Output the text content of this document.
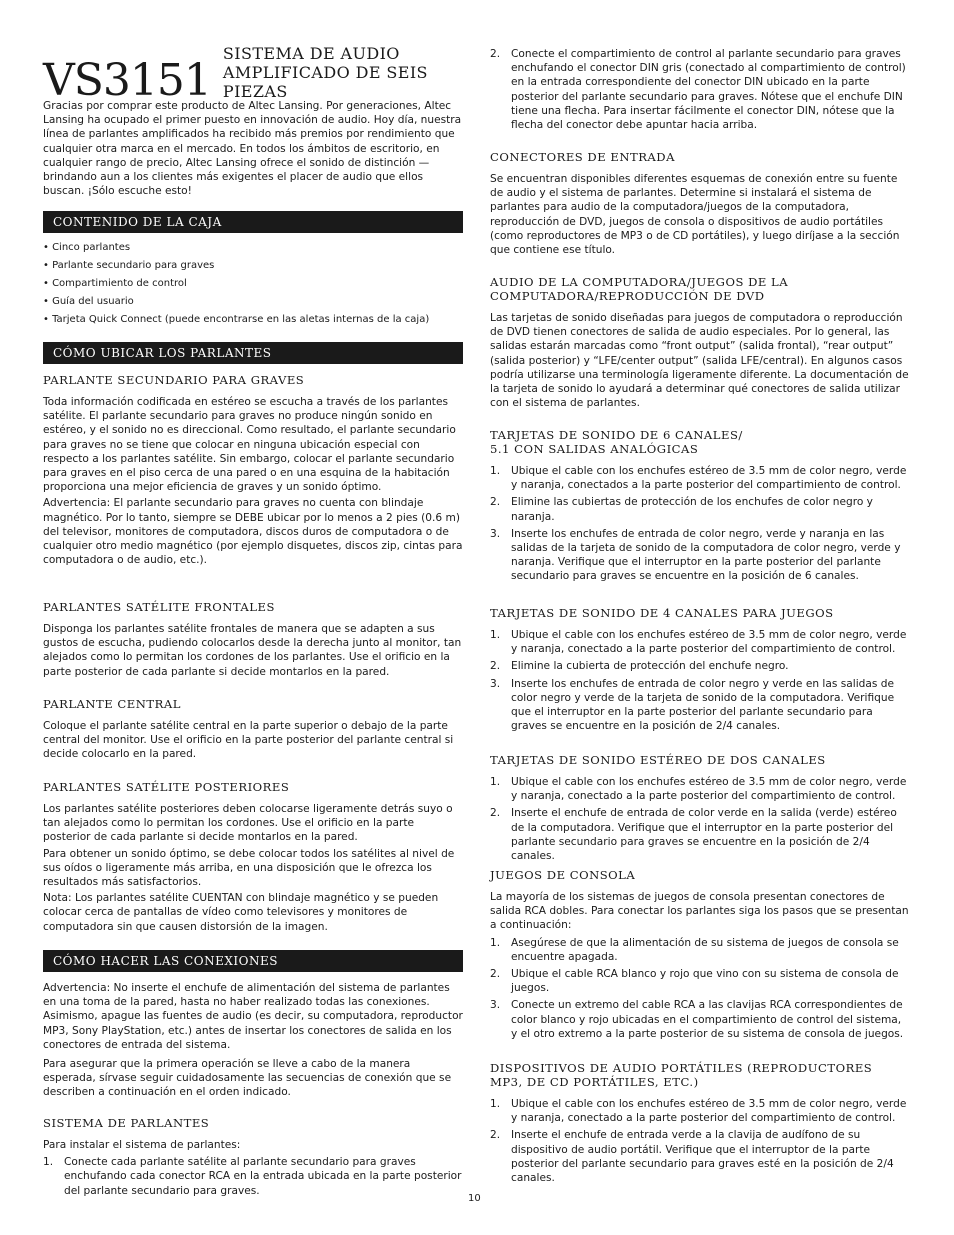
VS3151
SISTEMA DE AUDIO
AMPLIFICADO DE SEIS PIEZAS

Gracias por comprar este producto de Altec Lansing. Por generaciones, Altec Lansing ha ocupado el primer puesto en innovación de audio. Hoy día, nuestra línea de parlantes amplificados ha recibido más premios por rendimiento que cualquier otra marca en el mercado. En todos los ámbitos de escritorio, en cualquier rango de precio, Altec Lansing ofrece el sonido de distinción — brindando aun a los clientes más exigentes el placer de audio que ellos buscan. ¡Sólo escuche esto!

CONTENIDO DE LA CAJA
• Cinco parlantes
• Parlante secundario para graves
• Compartimiento de control
• Guía del usuario
• Tarjeta Quick Connect (puede encontrarse en las aletas internas de la caja)
CÓMO UBICAR LOS PARLANTES
PARLANTE SECUNDARIO PARA GRAVES

Toda información codificada en estéreo se escucha a través de los parlantes satélite. El parlante secundario para graves no produce ningún sonido en estéreo, y el sonido no es direccional. Como resultado, el parlante secundario para graves no se tiene que colocar en ninguna ubicación especial con respecto a los parlantes satélite. Sin embargo, colocar el parlante secundario para graves en el piso cerca de una pared o en una esquina de la habitación proporciona una mejor eficiencia de graves y un sonido óptimo.

Advertencia: El parlante secundario para graves no cuenta con blindaje magnético. Por lo tanto, siempre se DEBE ubicar por lo menos a 2 pies (0.6 m) del televisor, monitores de computadora, discos duros de computadora o de cualquier otro medio magnético (por ejemplo disquetes, discos zip, cintas para computadora o de audio, etc.).

PARLANTES SATÉLITE FRONTALES

Disponga los parlantes satélite frontales de manera que se adapten a sus gustos de escucha, pudiendo colocarlos desde la derecha junto al monitor, tan alejados como lo permitan los cordones de los parlantes. Use el orificio en la parte posterior de cada parlante si decide montarlos en la pared.

PARLANTE CENTRAL

Coloque el parlante satélite central en la parte superior o debajo de la parte central del monitor. Use el orificio en la parte posterior del parlante central si decide colocarlo en la pared.

PARLANTES SATÉLITE POSTERIORES

Los parlantes satélite posteriores deben colocarse ligeramente detrás suyo o tan alejados como lo permitan los cordones. Use el orificio en la parte posterior de cada parlante si decide montarlos en la pared.

Para obtener un sonido óptimo, se debe colocar todos los satélites al nivel de sus oídos o ligeramente más arriba, en una disposición que le ofrezca los resultados más satisfactorios.

Nota: Los parlantes satélite CUENTAN con blindaje magnético y se pueden colocar cerca de pantallas de vídeo como televisores y monitores de computadora sin que causen distorsión de la imagen.

CÓMO HACER LAS CONEXIONES

Advertencia: No inserte el enchufe de alimentación del sistema de parlantes en una toma de la pared, hasta no haber realizado todas las conexiones. Asimismo, apague las fuentes de audio (es decir, su computadora, reproductor MP3, Sony PlayStation, etc.) antes de insertar los conectores de salida en los conectores de entrada del sistema.

Para asegurar que la primera operación se lleve a cabo de la manera esperada, sírvase seguir cuidadosamente las secuencias de conexión que se describen a continuación en el orden indicado.

SISTEMA DE PARLANTES

Para instalar el sistema de parlantes:

1.	Conecte cada parlante satélite al parlante secundario para graves enchufando cada conector RCA en la entrada ubicada en la parte posterior del parlante secundario para graves.
2.	Conecte el compartimiento de control al parlante secundario para graves enchufando el conector DIN gris (conectado al compartimiento de control) en la entrada correspondiente del conector DIN ubicado en la parte posterior del parlante secundario para graves. Nótese que el enchufe DIN tiene una flecha. Para insertar fácilmente el conector DIN, nótese que la flecha del conector debe apuntar hacia arriba.
CONECTORES DE ENTRADA

Se encuentran disponibles diferentes esquemas de conexión entre su fuente de audio y el sistema de parlantes. Determine si instalará el sistema de parlantes para audio de la computadora/juegos de la computadora, reproducción de DVD, juegos de consola o dispositivos de audio portátiles (como reproductores de MP3 o de CD portátiles), y luego diríjase a la sección que contiene ese título.

AUDIO DE LA COMPUTADORA/JUEGOS DE LA
COMPUTADORA/REPRODUCCIÓN DE DVD

Las tarjetas de sonido diseñadas para juegos de computadora o reproducción de DVD tienen conectores de salida de audio especiales. Por lo general, las salidas estarán marcadas como “front output” (salida frontal), “rear output” (salida posterior) y “LFE/center output” (salida LFE/central). En algunos casos podría utilizarse una terminología ligeramente diferente. La documentación de la tarjeta de sonido lo ayudará a determinar qué conectores de salida utilizar con el sistema de parlantes.

TARJETAS DE SONIDO DE 6 CANALES/
5.1 CON SALIDAS ANALÓGICAS
1.	Ubique el cable con los enchufes estéreo de 3.5 mm de color negro, verde y naranja, conectados a la parte posterior del compartimiento de control.
2.	Elimine las cubiertas de protección de los enchufes de color negro y naranja.
3.	Inserte los enchufes de entrada de color negro, verde y naranja en las salidas de la tarjeta de sonido de la computadora de color negro, verde y naranja. Verifique que el interruptor en la parte posterior del parlante secundario para graves se encuentre en la posición de 6 canales.
TARJETAS DE SONIDO DE 4 CANALES PARA JUEGOS
1.	Ubique el cable con los enchufes estéreo de 3.5 mm de color negro, verde y naranja, conectado a la parte posterior del compartimiento de control.
2.	Elimine la cubierta de protección del enchufe negro.
3.	Inserte los enchufes de entrada de color negro y verde en las salidas de color negro y verde de la tarjeta de sonido de la computadora. Verifique que el interruptor en la parte posterior del parlante secundario para graves se encuentre en la posición de 2/4 canales.
TARJETAS DE SONIDO ESTÉREO DE DOS CANALES
1.	Ubique el cable con los enchufes estéreo de 3.5 mm de color negro, verde y naranja, conectado a la parte posterior del compartimiento de control.
2.	Inserte el enchufe de entrada de color verde en la salida (verde) estéreo de la computadora. Verifique que el interruptor en la parte posterior del parlante secundario para graves se encuentre en la posición de 2/4 canales.
JUEGOS DE CONSOLA

La mayoría de los sistemas de juegos de consola presentan conectores de salida RCA dobles. Para conectar los parlantes siga los pasos que se presentan a continuación:

1.	Asegúrese de que la alimentación de su sistema de juegos de consola se encuentre apagada.
2.	Ubique el cable RCA blanco y rojo que vino con su sistema de consola de juegos.
3.	Conecte un extremo del cable RCA a las clavijas RCA correspondientes de color blanco y rojo ubicadas en el compartimiento de control del sistema, y el otro extremo a la parte posterior de su sistema de consola de juegos.
DISPOSITIVOS DE AUDIO PORTÁTILES (REPRODUCTORES
MP3, DE CD PORTÁTILES, ETC.)
1.	Ubique el cable con los enchufes estéreo de 3.5 mm de color negro, verde y naranja, conectado a la parte posterior del compartimiento de control.
2.	Inserte el enchufe de entrada verde a la clavija de audífono de su dispositivo de audio portátil. Verifique que el interruptor de la parte posterior del parlante secundario para graves esté en la posición de 2/4 canales.
10
